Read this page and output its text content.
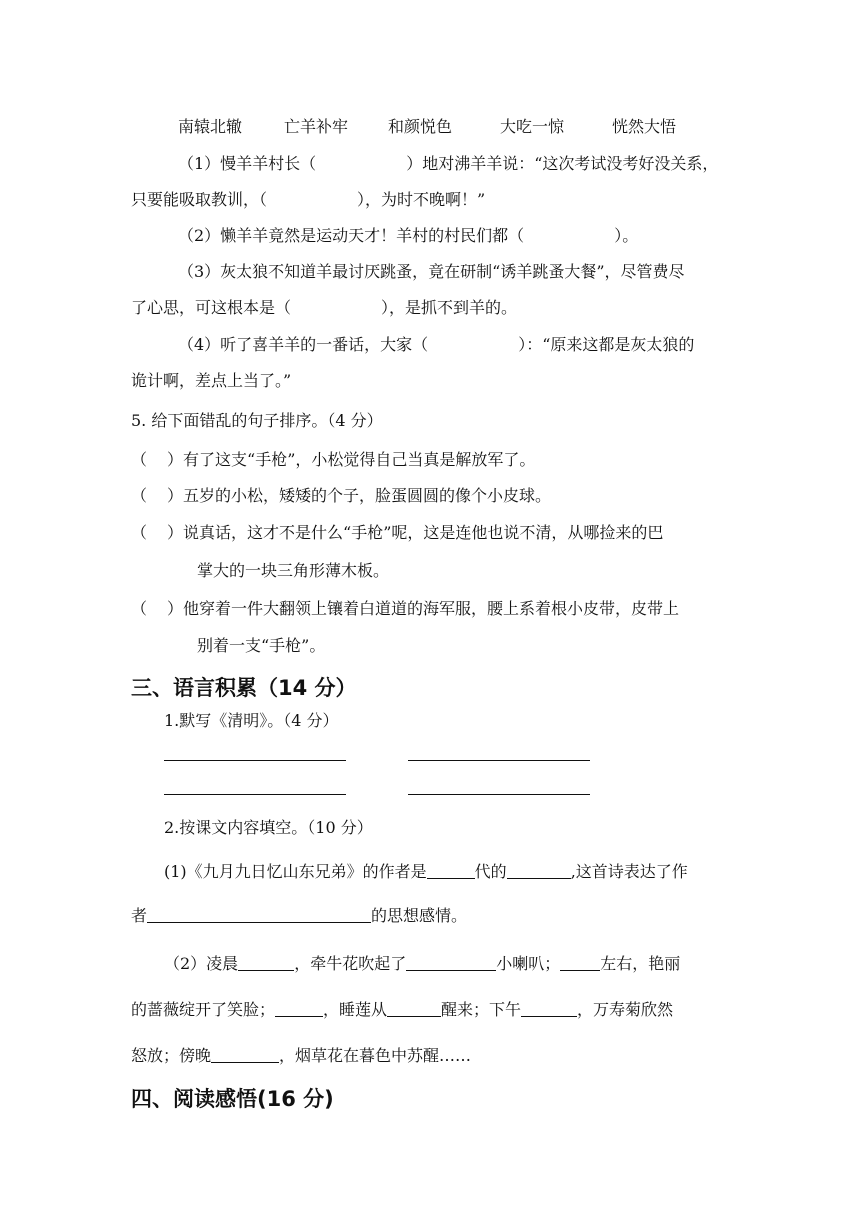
南辕北辙	亡羊补牢 和颜悦色	大吃一惊	恍然大悟
（1）慢羊羊村长（	）地对沸羊羊说：“这次考试没考好没关系，
只要能吸取教训，（	），为时不晚啊！”
（2）懒羊羊竟然是运动天才！羊村的村民们都（	）。
（3）灰太狼不知道羊最讨厌跳蚤，竟在研制“诱羊跳蚤大餐”，尽管费尽
了心思，可这根本是（	），是抓不到羊的。
（4）听了喜羊羊的一番话，大家（	）：“原来这都是灰太狼的
诡计啊，差点上当了。”
5. 给下面错乱的句子排序。（4 分）
（ ）有了这支“手枪”，小松觉得自己当真是解放军了。
（ ）五岁的小松，矮矮的个子，脸蛋圆圆的像个小皮球。
（ ）说真话，这才不是什么“手枪”呢，这是连他也说不清，从哪捡来的巴
掌大的一块三角形薄木板。
（ ）他穿着一件大翻领上镶着白道道的海军服，腰上系着根小皮带，皮带上
别着一支“手枪”。
三、语言积累（14 分）
1.默写《清明》。（4 分）
2.按课文内容填空。（10 分）
(1)《九月九日忆山东兄弟》的作者是	代的	,这首诗表达了作
者	的思想感情。
（2）凌晨	，牵牛花吹起了	小喇叭；	左右，艳丽
的蔷薇绽开了笑脸；	，睡莲从	醒来；下午	，万寿菊欣然
怒放；傍晚	，烟草花在暮色中苏醒……
四、阅读感悟(16 分)
